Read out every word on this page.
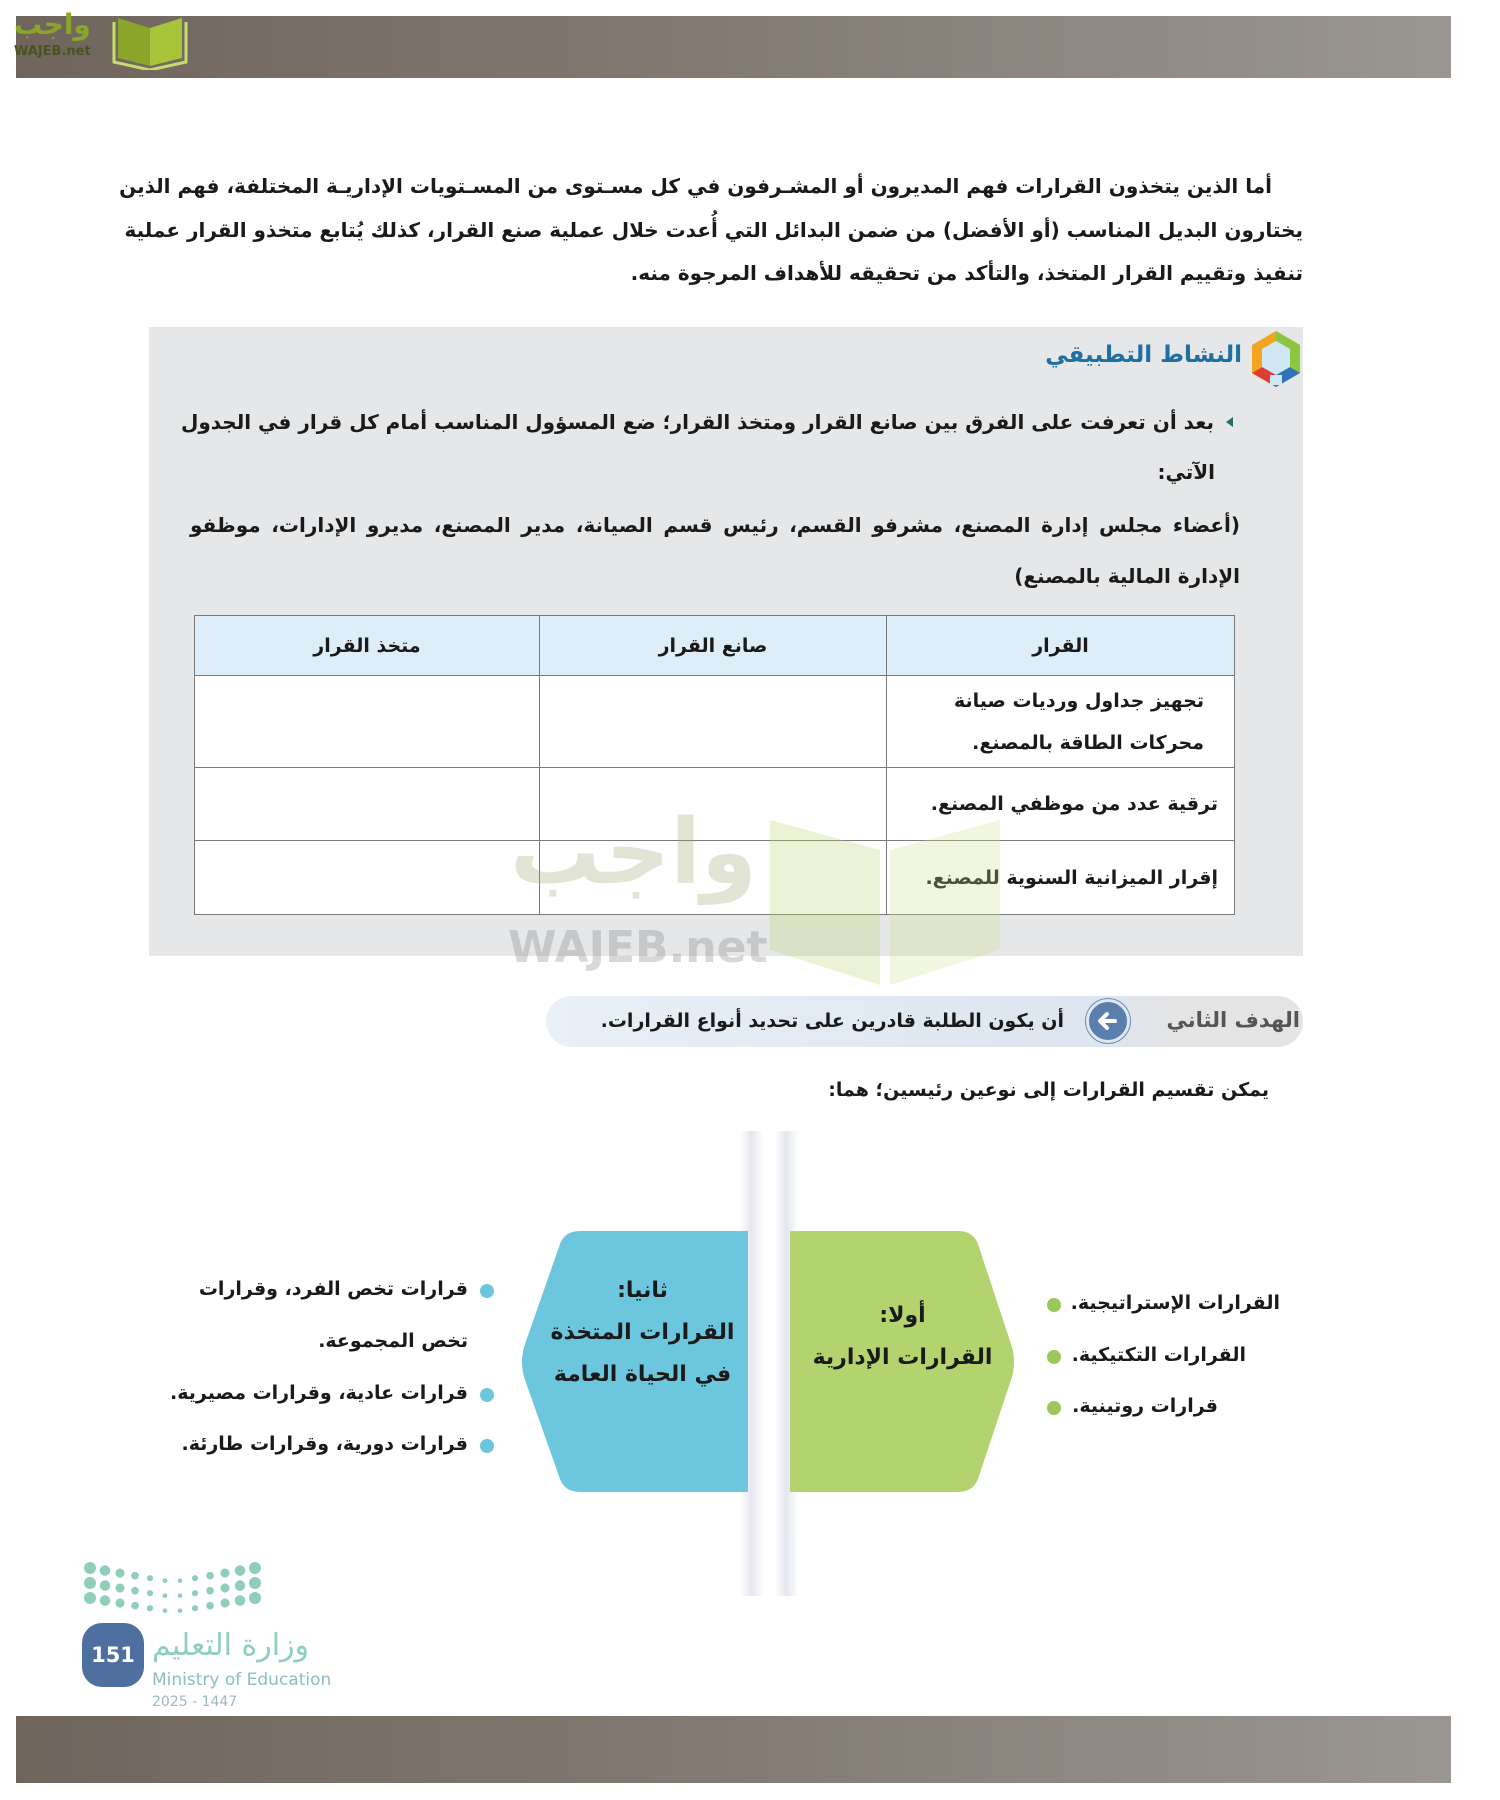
واجب
WAJEB.net
أما الذين يتخذون القرارات فهم المديرون أو المشـرفون في كل مسـتوى من المسـتويات الإداريـة المختلفة، فهم الذين
يختارون البديل المناسب (أو الأفضل) من ضمن البدائل التي أُعدت خلال عملية صنع القرار، كذلك يُتابع متخذو القرار عملية
تنفيذ وتقييم القرار المتخذ، والتأكد من تحقيقه للأهداف المرجوة منه.
النشاط التطبيقي
بعد أن تعرفت على الفرق بين صانع القرار ومتخذ القرار؛ ضع المسؤول المناسب أمام كل قرار في الجدول
الآتي:
(أعضاء مجلس إدارة المصنع، مشرفو القسم، رئيس قسم الصيانة، مدير المصنع، مديرو الإدارات، موظفو
الإدارة المالية بالمصنع)
القرار	صانع القرار	متخذ القرار
تجهيز جداول ورديات صيانة محركات الطاقة بالمصنع.		
ترقية عدد من موظفي المصنع.		
إقرار الميزانية السنوية للمصنع.		
واجب
WAJEB.net
الهدف الثاني
أن يكون الطلبة قادرين على تحديد أنواع القرارات.
يمكن تقسيم القرارات إلى نوعين رئيسين؛ هما:
أولا:
القرارات الإدارية
ثانيا:
القرارات المتخذة
في الحياة العامة
القرارات الإستراتيجية.
القرارات التكتيكية.
قرارات روتينية.
قرارات تخص الفرد، وقرارات
تخص المجموعة.
قرارات عادية، وقرارات مصيرية.
قرارات دورية، وقرارات طارئة.
151 وزارة التعليم
Ministry of Education
2025 - 1447
